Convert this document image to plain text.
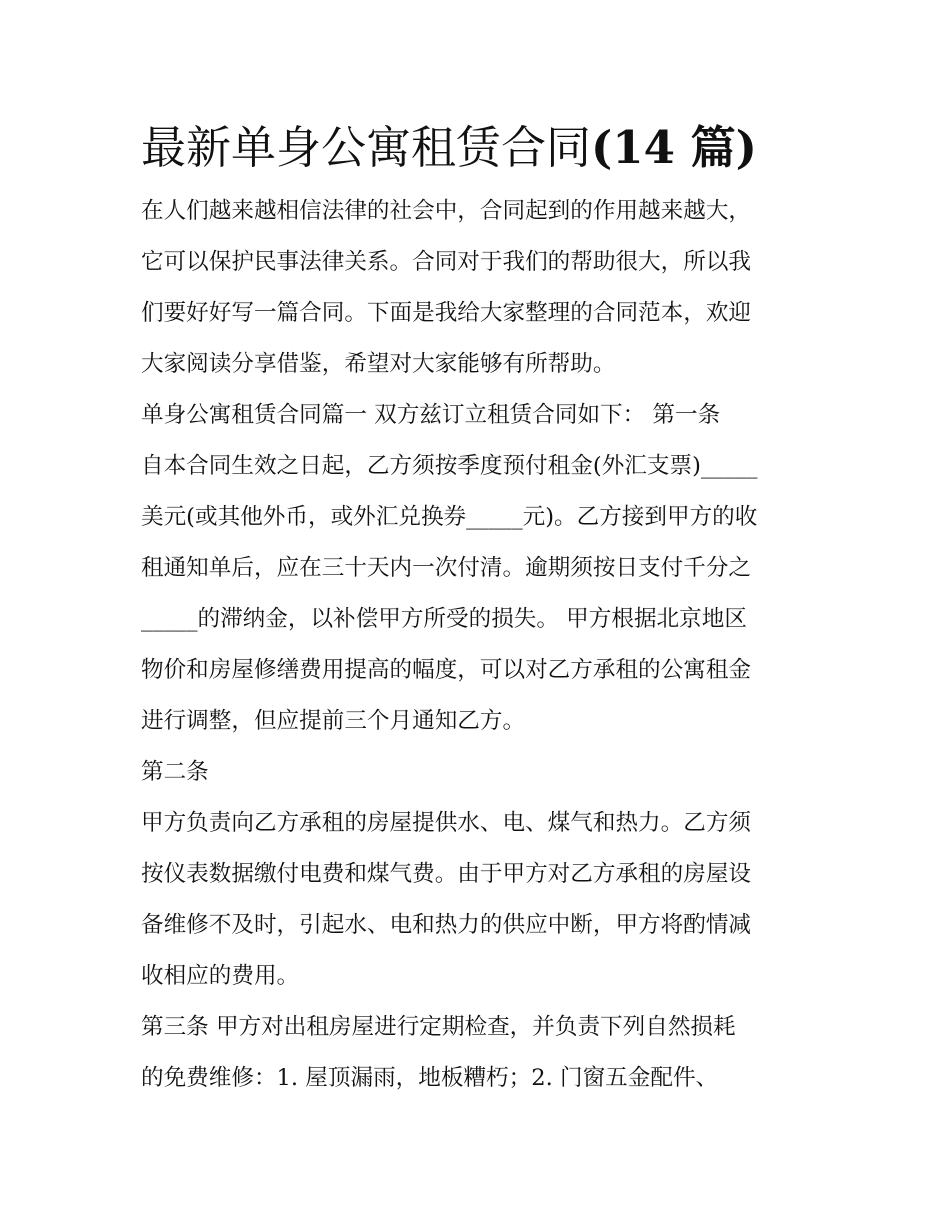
最新单身公寓租赁合同(14 篇)

在人们越来越相信法律的社会中，合同起到的作用越来越大，

它可以保护民事法律关系。合同对于我们的帮助很大，所以我

们要好好写一篇合同。下面是我给大家整理的合同范本，欢迎

大家阅读分享借鉴，希望对大家能够有所帮助。

单身公寓租赁合同篇一 双方兹订立租赁合同如下： 第一条

自本合同生效之日起，乙方须按季度预付租金(外汇支票)_____

美元(或其他外币，或外汇兑换券_____元)。乙方接到甲方的收

租通知单后，应在三十天内一次付清。逾期须按日支付千分之

_____的滞纳金，以补偿甲方所受的损失。 甲方根据北京地区

物价和房屋修缮费用提高的幅度，可以对乙方承租的公寓租金

进行调整，但应提前三个月通知乙方。

第二条

甲方负责向乙方承租的房屋提供水、电、煤气和热力。乙方须

按仪表数据缴付电费和煤气费。由于甲方对乙方承租的房屋设

备维修不及时，引起水、电和热力的供应中断，甲方将酌情减

收相应的费用。

第三条 甲方对出租房屋进行定期检查，并负责下列自然损耗

的免费维修：1. 屋顶漏雨，地板糟朽；2. 门窗五金配件、
